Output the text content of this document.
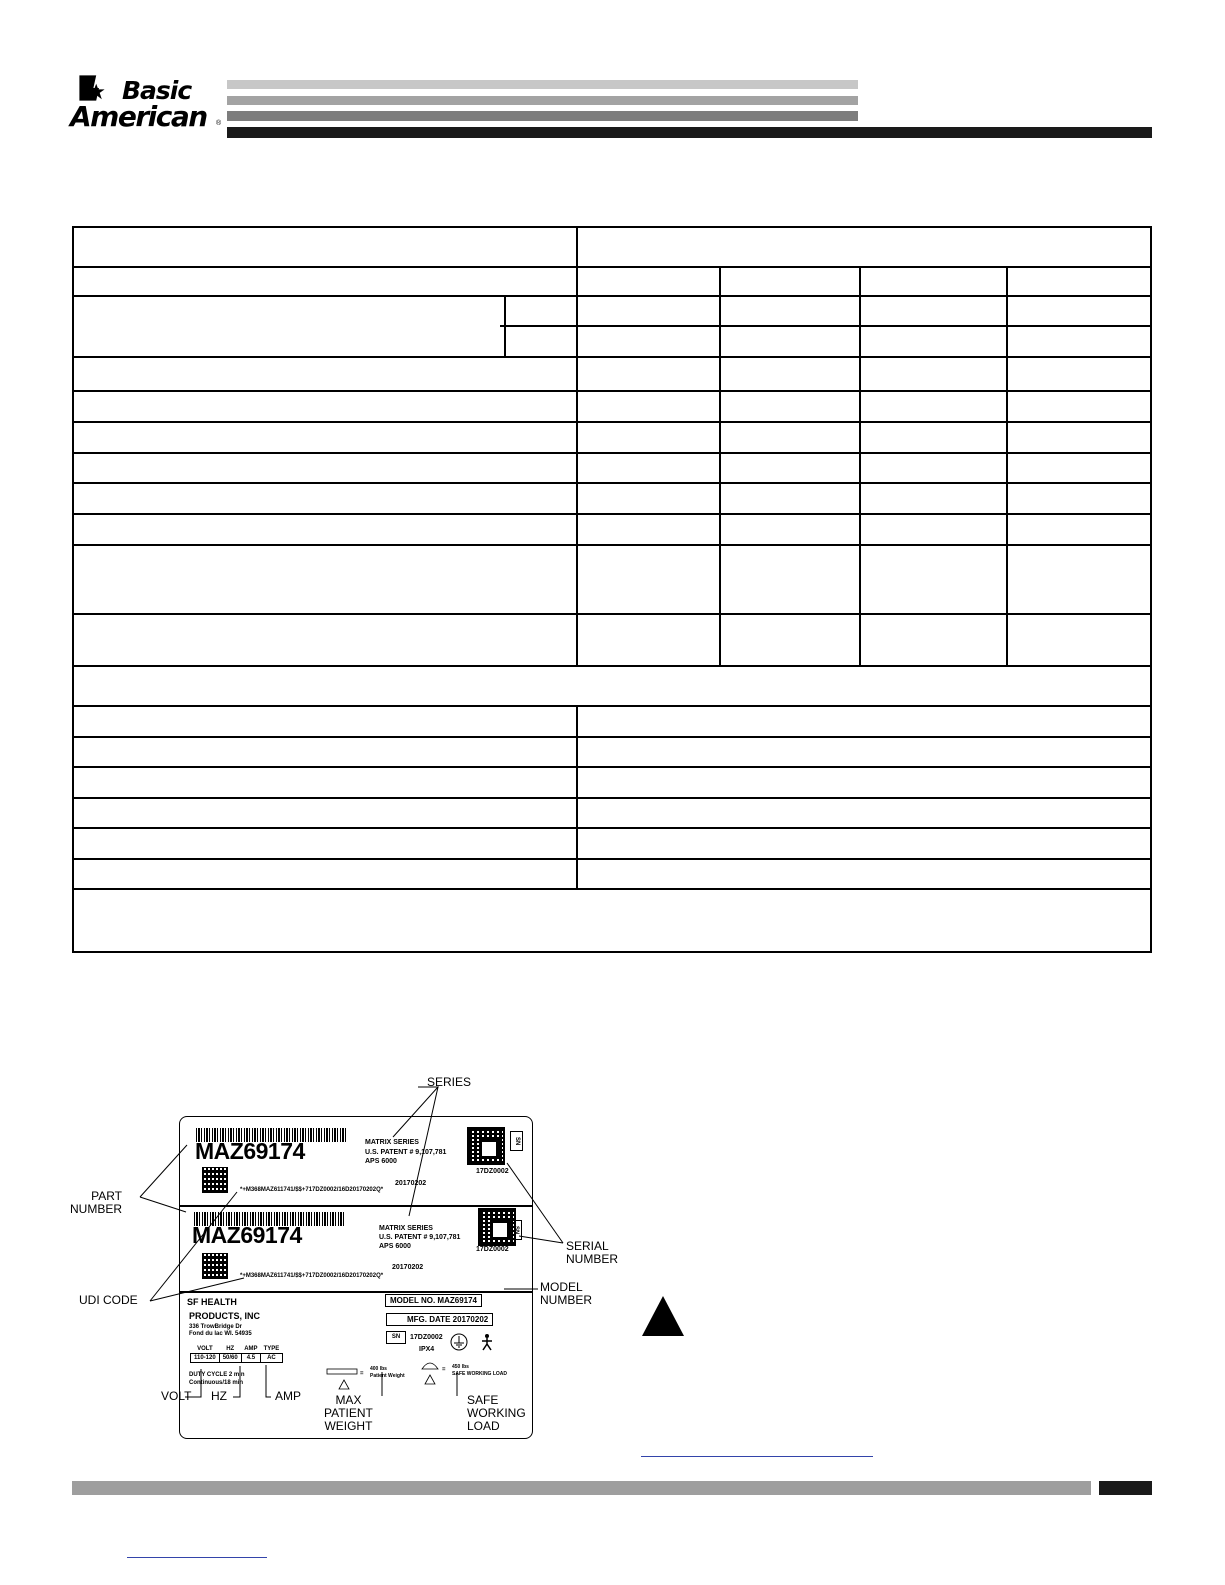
Basic
American ®
MAZ69174	MATRIX SERIES
U.S. PATENT # 9,107,781
APS 6000
20170202
*+M368MAZ611741/$$+717DZ0002/16D20170202Q*
SN
17DZ0002
MAZ69174	MATRIX SERIES
U.S. PATENT # 9,107,781
APS 6000
20170202
*+M368MAZ611741/$$+717DZ0002/16D20170202Q*
SN
17DZ0002
SF HEALTH
PRODUCTS, INC
336 TrowBridge Dr
Fond du lac WI. 54935
MODEL NO. MAZ69174
MFG. DATE 20170202
SN	17DZ0002
IPX4
VOLT	HZ	AMP	TYPE
110-120	50/60	4.5	AC
DUTY CYCLE 2 min
Continuous/18 min
=
400 lbs
Patient Weight
= 450 lbs
SAFE WORKING LOAD
SERIES
PART
NUMBER
UDI CODE
SERIAL
NUMBER
MODEL
NUMBER
VOLT HZ	AMP	MAX
PATIENT
WEIGHT
SAFE
WORKING
LOAD
